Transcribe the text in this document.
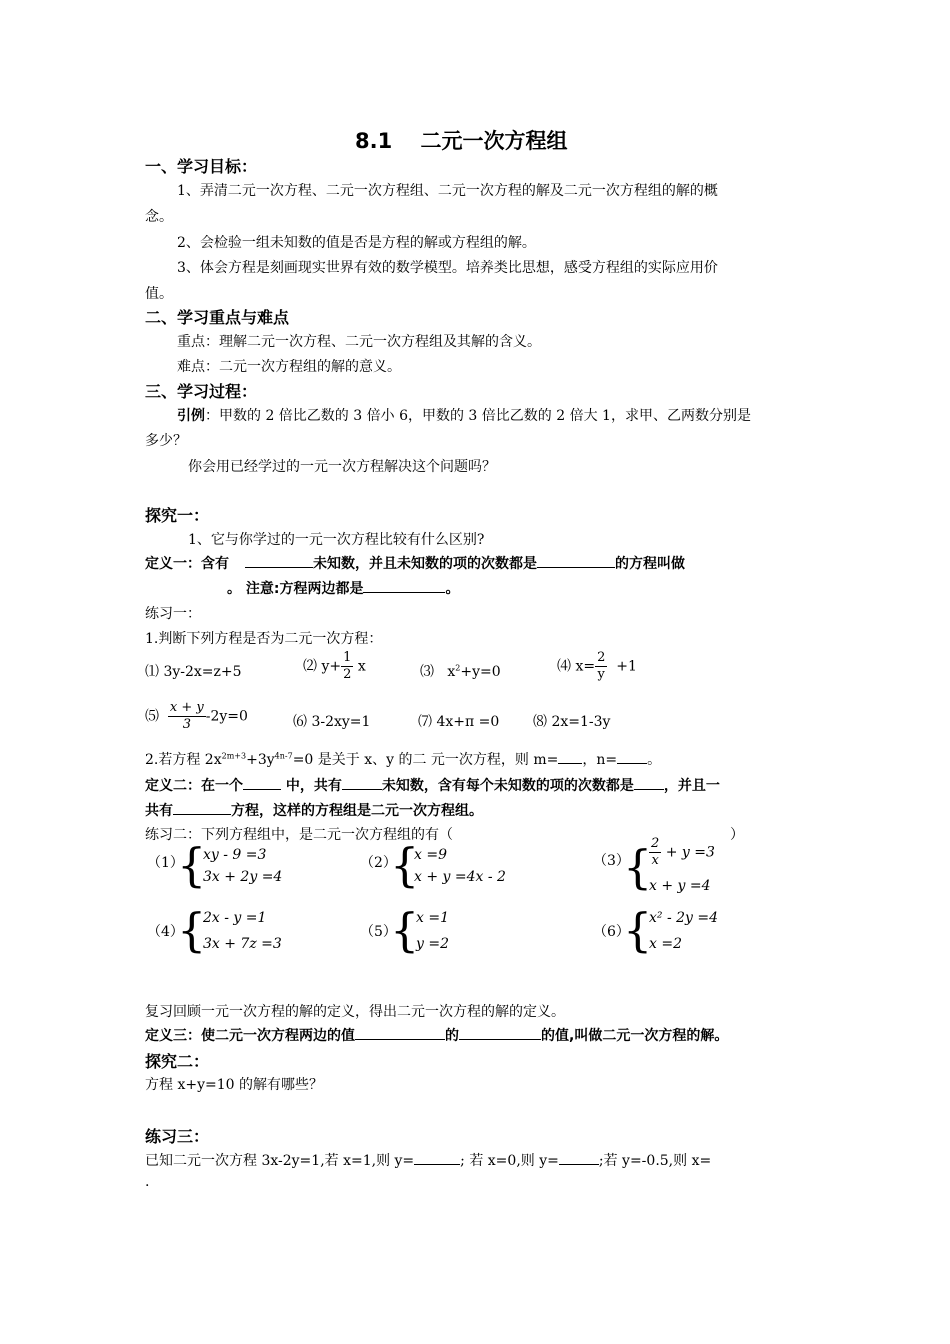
8.1　 二元一次方程组
一、学习目标：
1、弄清二元一次方程、二元一次方程组、二元一次方程的解及二元一次方程组的解的概
念。
2、会检验一组未知数的值是否是方程的解或方程组的解。
3、体会方程是刻画现实世界有效的数学模型。培养类比思想，感受方程组的实际应用价
值。
二、学习重点与难点
重点：理解二元一次方程、二元一次方程组及其解的含义。
难点：二元一次方程组的解的意义。
三、学习过程：
引例：甲数的 2 倍比乙数的 3 倍小 6，甲数的 3 倍比乙数的 2 倍大 1，求甲、乙两数分别是
多少？
你会用已经学过的一元一次方程解决这个问题吗？
探究一：
1、它与你学过的一元一次方程比较有什么区别?
定义一：含有	未知数，并且未知数的项的次数都是	的方程叫做
。 注意:方程两边都是	。
练习一：
1.判断下列方程是否为二元一次方程：
⑴ 3y-2x=z+5	⑵ $y+ \frac{1}{2}$ x	⑶ $x^2+y=0$	⑷ $x= \frac{2}{y} +1$
⑸ $\frac{x + y}{3} -2y=0$	⑹ 3-2xy=1	⑺ 4x+π =0 ⑻ 2x=1-3y
2.若方程 $2x^{2m+3}+3y^{4n-7}=0$ 是关于 x、y 的二 元一次方程，则 m= ，n= 。
定义二：在一个	中，共有	未知数，含有每个未知数的项的次数都是 ，并且一
共有	方程，这样的方程组是二元一次方程组。
练习二：下列方程组中，是二元一次方程组的有（	）
（1）
{
xy - 9 =3
3x + 2y =4
（2）
{
x =9
x + y =4x - 2
（3）
{
$\frac{2}{x} + y =3$
x + y =4
（4）
{
2x - y =1
3x + 7z =3
（5）
{
x =1
y =2
（6）
{
x² - 2y =4
x =2
复习回顾一元一次方程的解的定义，得出二元一次方程的解的定义。
定义三：使二元一次方程两边的值	的	的值,叫做二元一次方程的解。
探究二：
方程 x+y=10 的解有哪些？
练习三：
已知二元一次方程 3x-2y=1,若 x=1,则 y=	; 若 x=0,则 y=	;若 y=-0.5,则 x=
.
